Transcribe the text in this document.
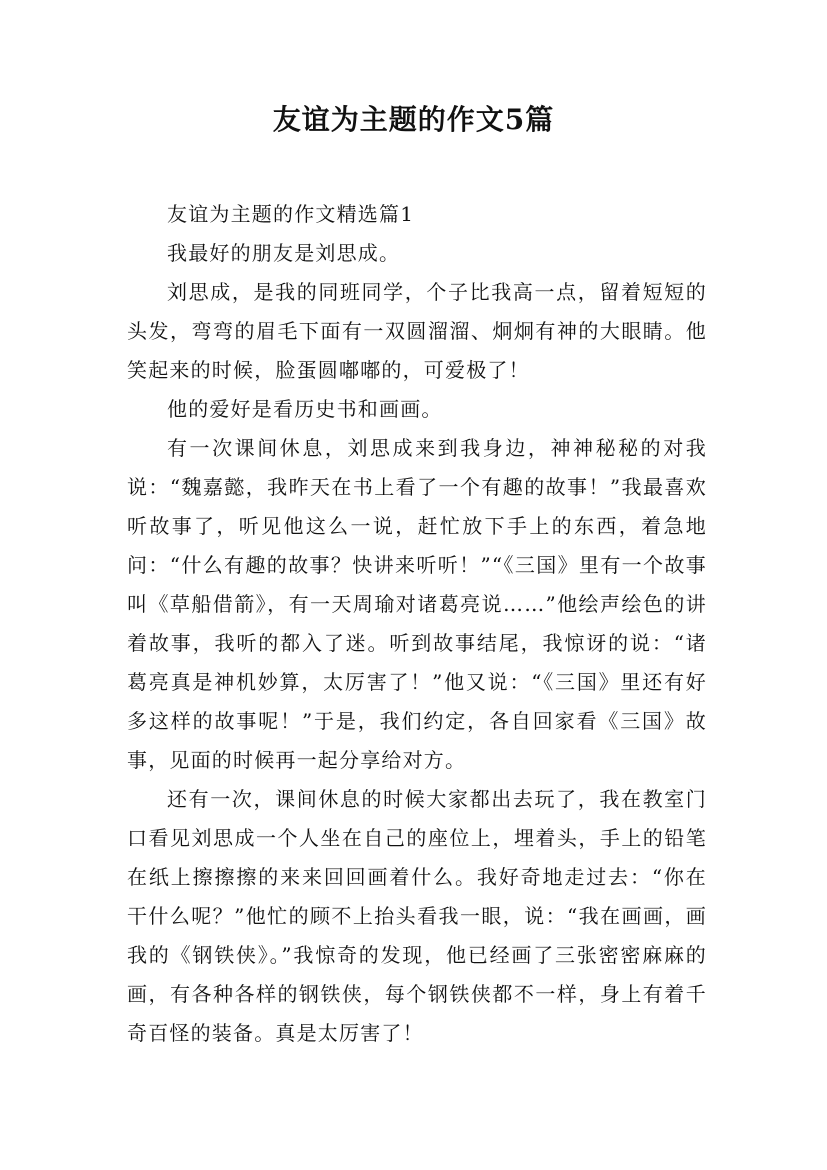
友谊为主题的作文5篇

友谊为主题的作文精选篇1

我最好的朋友是刘思成。

刘思成，是我的同班同学，个子比我高一点，留着短短的头发，弯弯的眉毛下面有一双圆溜溜、炯炯有神的大眼睛。他笑起来的时候，脸蛋圆嘟嘟的，可爱极了！

他的爱好是看历史书和画画。

有一次课间休息，刘思成来到我身边，神神秘秘的对我说：“魏嘉懿，我昨天在书上看了一个有趣的故事！”我最喜欢听故事了，听见他这么一说，赶忙放下手上的东西，着急地问：“什么有趣的故事？快讲来听听！”“《三国》里有一个故事叫《草船借箭》，有一天周瑜对诸葛亮说……”他绘声绘色的讲着故事，我听的都入了迷。听到故事结尾，我惊讶的说：“诸葛亮真是神机妙算，太厉害了！”他又说：“《三国》里还有好多这样的故事呢！”于是，我们约定，各自回家看《三国》故事，见面的时候再一起分享给对方。

还有一次，课间休息的时候大家都出去玩了，我在教室门口看见刘思成一个人坐在自己的座位上，埋着头，手上的铅笔在纸上擦擦擦的来来回回画着什么。我好奇地走过去：“你在干什么呢？”他忙的顾不上抬头看我一眼，说：“我在画画，画我的《钢铁侠》。”我惊奇的发现，他已经画了三张密密麻麻的画，有各种各样的钢铁侠，每个钢铁侠都不一样，身上有着千奇百怪的装备。真是太厉害了！
